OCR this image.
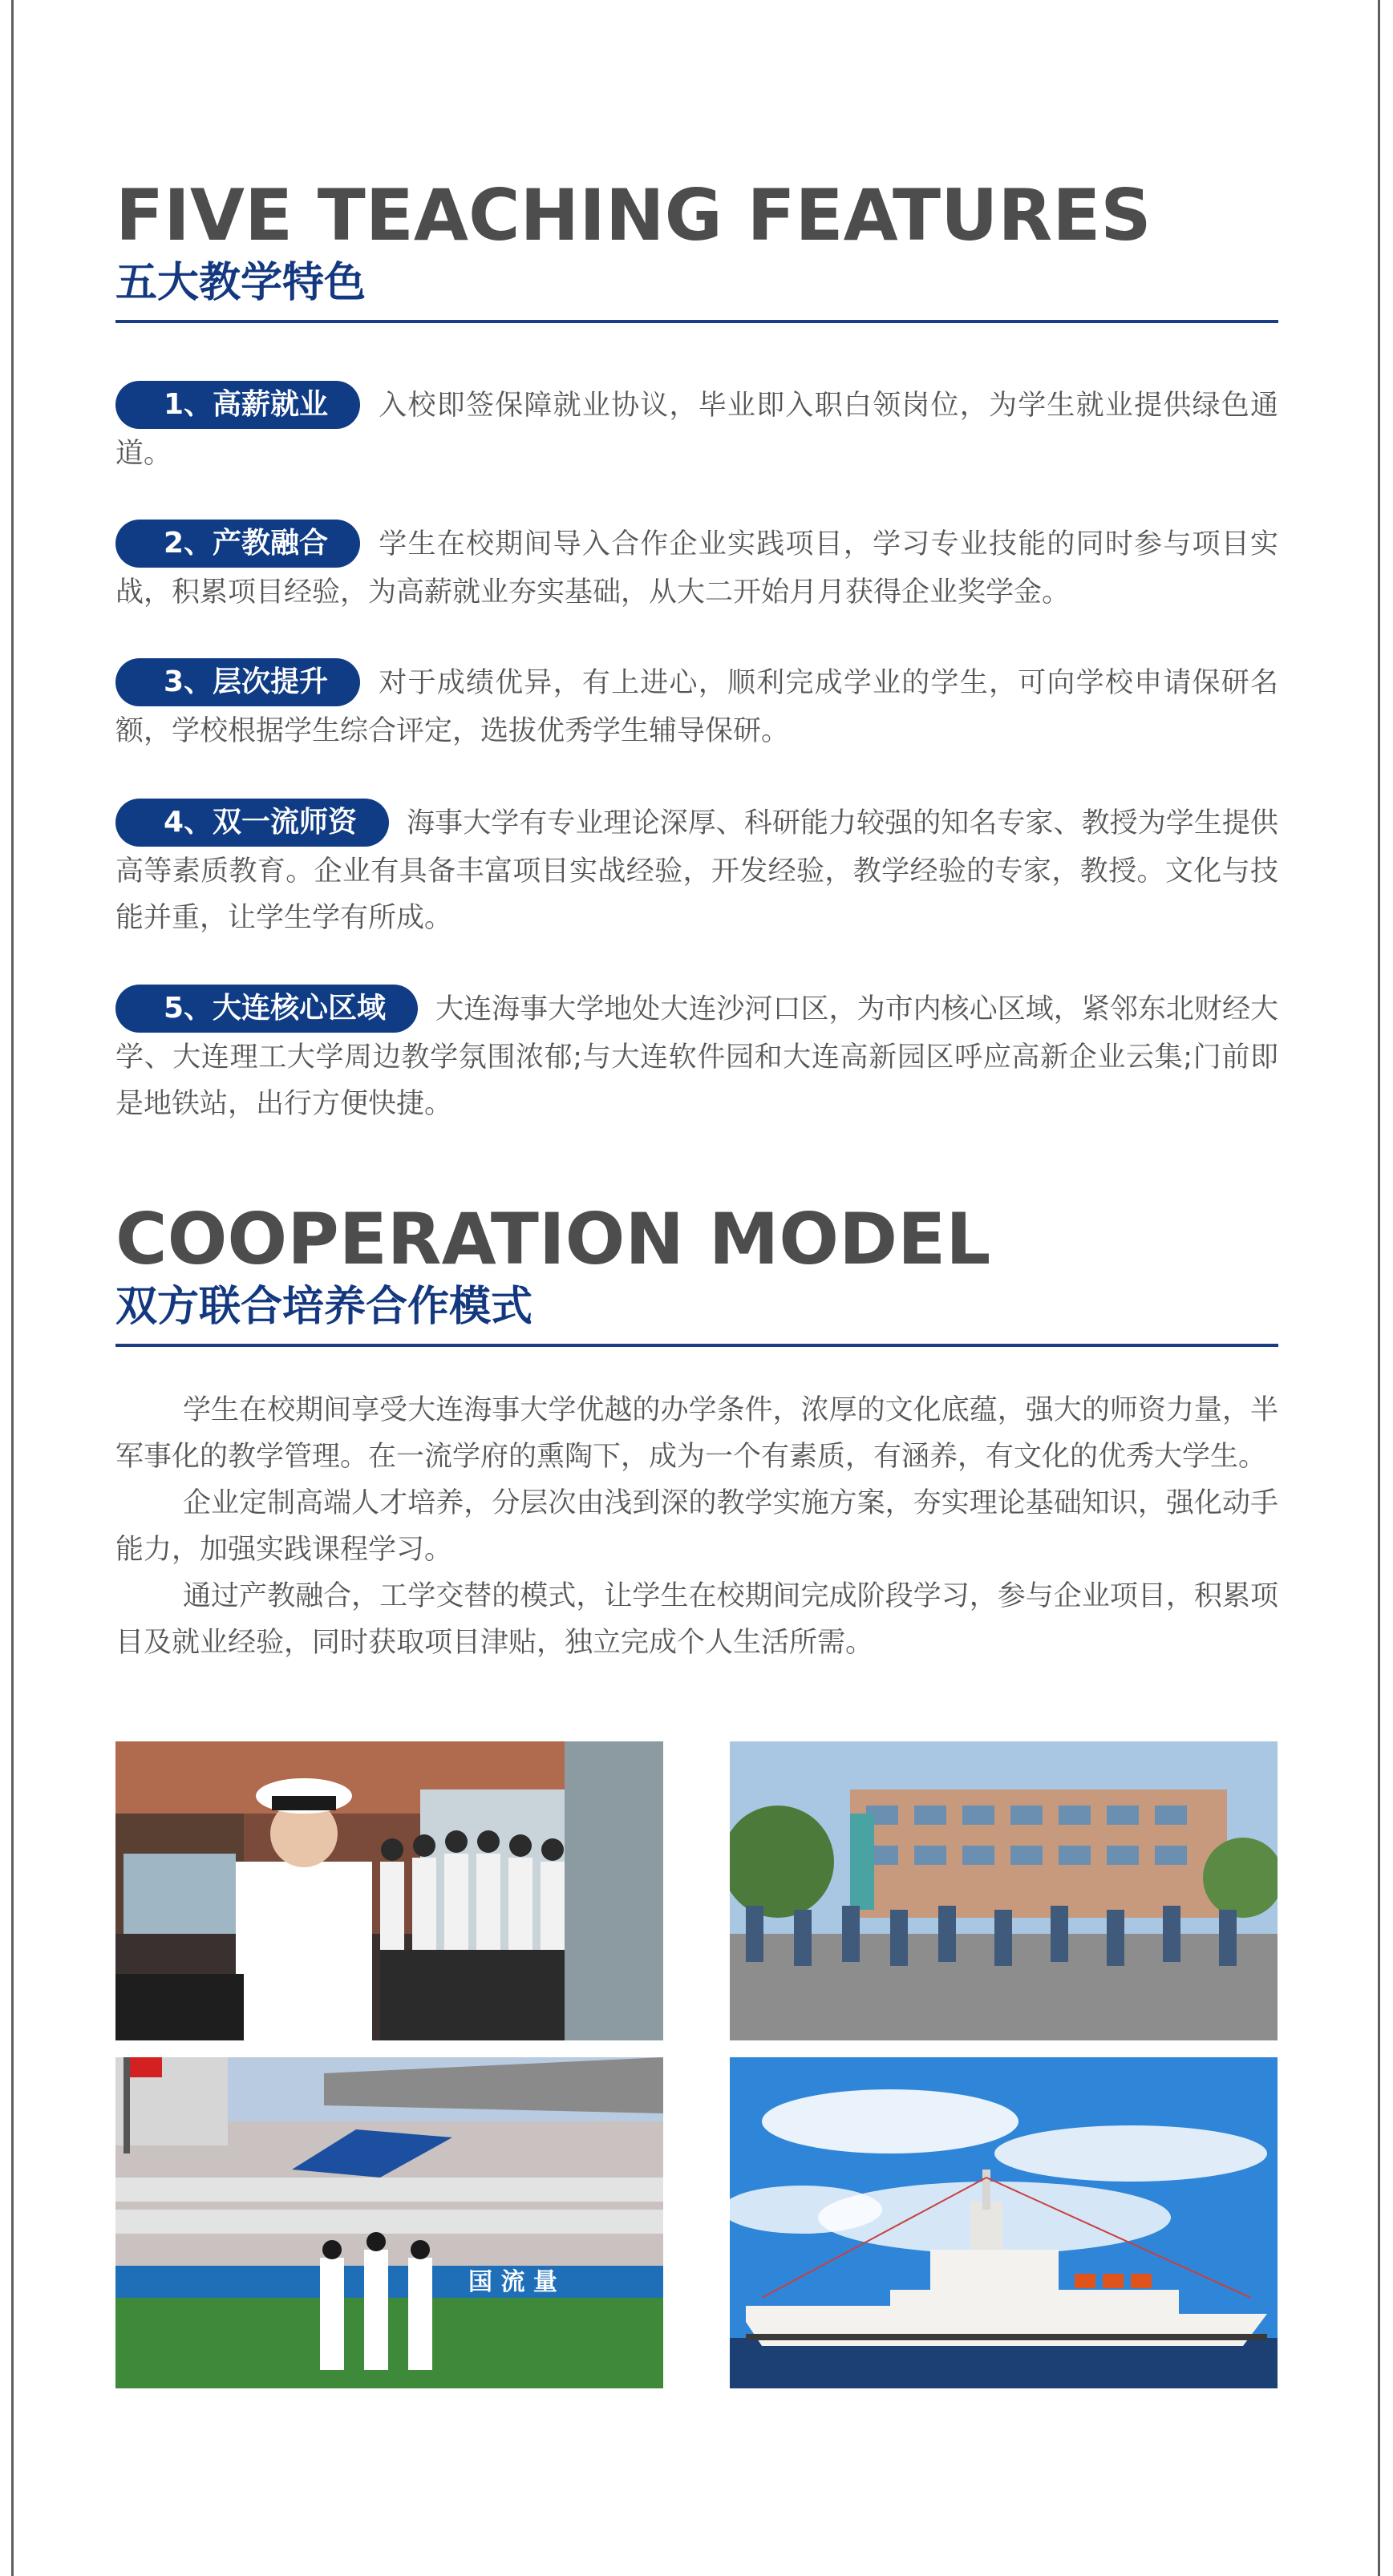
FIVE TEACHING FEATURES
五大教学特色
1、高薪就业 入校即签保障就业协议，毕业即入职白领岗位，为学生就业提供绿色通道。
2、产教融合 学生在校期间导入合作企业实践项目，学习专业技能的同时参与项目实战，积累项目经验，为高薪就业夯实基础，从大二开始月月获得企业奖学金。
3、层次提升 对于成绩优异，有上进心，顺利完成学业的学生，可向学校申请保研名额，学校根据学生综合评定，选拔优秀学生辅导保研。
4、双一流师资 海事大学有专业理论深厚、科研能力较强的知名专家、教授为学生提供高等素质教育。企业有具备丰富项目实战经验，开发经验，教学经验的专家，教授。文化与技能并重，让学生学有所成。
5、大连核心区域 大连海事大学地处大连沙河口区，为市内核心区域，紧邻东北财经大学、大连理工大学周边教学氛围浓郁;与大连软件园和大连高新园区呼应高新企业云集;门前即是地铁站，出行方便快捷。
COOPERATION MODEL
双方联合培养合作模式

学生在校期间享受大连海事大学优越的办学条件，浓厚的文化底蕴，强大的师资力量，半军事化的教学管理。在一流学府的熏陶下，成为一个有素质，有涵养，有文化的优秀大学生。

企业定制高端人才培养，分层次由浅到深的教学实施方案，夯实理论基础知识，强化动手能力，加强实践课程学习。

通过产教融合，工学交替的模式，让学生在校期间完成阶段学习，参与企业项目，积累项目及就业经验，同时获取项目津贴，独立完成个人生活所需。

国 流 量
